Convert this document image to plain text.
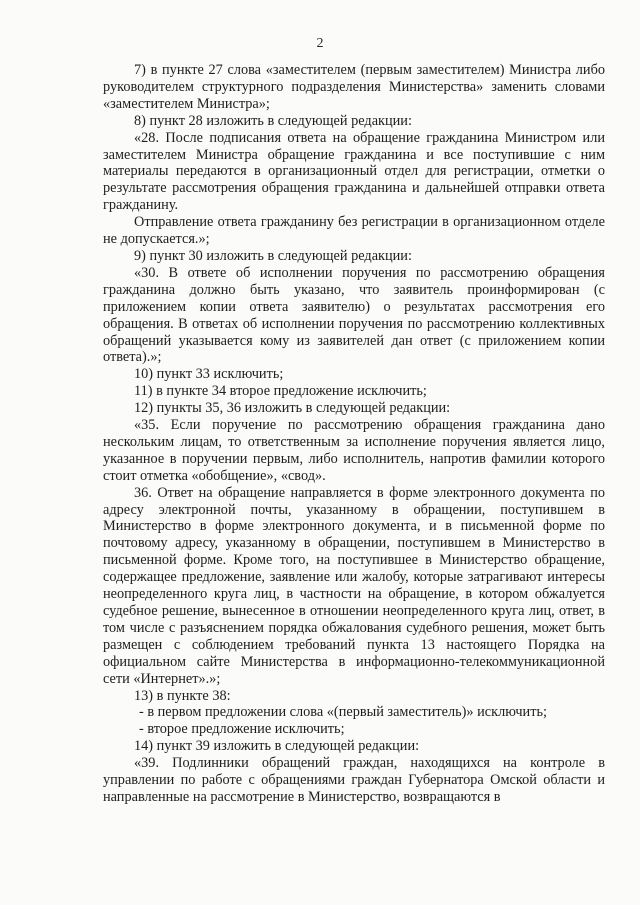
2

7) в пункте 27 слова «заместителем (первым заместителем) Министра либо руководителем структурного подразделения Министерства» заменить словами «заместителем Министра»;

8) пункт 28 изложить в следующей редакции:

«28. После подписания ответа на обращение гражданина Министром или заместителем Министра обращение гражданина и все поступившие с ним материалы передаются в организационный отдел для регистрации, отметки о результате рассмотрения обращения гражданина и дальнейшей отправки ответа гражданину.

Отправление ответа гражданину без регистрации в организационном отделе не допускается.»;

9) пункт 30 изложить в следующей редакции:

«30. В ответе об исполнении поручения по рассмотрению обращения гражданина должно быть указано, что заявитель проинформирован (с приложением копии ответа заявителю) о результатах рассмотрения его обращения. В ответах об исполнении поручения по рассмотрению коллективных обращений указывается кому из заявителей дан ответ (с приложением копии ответа).»;

10) пункт 33 исключить;

11) в пункте 34 второе предложение исключить;

12) пункты 35, 36 изложить в следующей редакции:

«35. Если поручение по рассмотрению обращения гражданина дано нескольким лицам, то ответственным за исполнение поручения является лицо, указанное в поручении первым, либо исполнитель, напротив фамилии которого стоит отметка «обобщение», «свод».

36. Ответ на обращение направляется в форме электронного документа по адресу электронной почты, указанному в обращении, поступившем в Министерство в форме электронного документа, и в письменной форме по почтовому адресу, указанному в обращении, поступившем в Министерство в письменной форме. Кроме того, на поступившее в Министерство обращение, содержащее предложение, заявление или жалобу, которые затрагивают интересы неопределенного круга лиц, в частности на обращение, в котором обжалуется судебное решение, вынесенное в отношении неопределенного круга лиц, ответ, в том числе с разъяснением порядка обжалования судебного решения, может быть размещен с соблюдением требований пункта 13 настоящего Порядка на официальном сайте Министерства в информационно-телекоммуникационной сети «Интернет».»;

13) в пункте 38:

- в первом предложении слова «(первый заместитель)» исключить;

- второе предложение исключить;

14) пункт 39 изложить в следующей редакции:

«39. Подлинники обращений граждан, находящихся на контроле в управлении по работе с обращениями граждан Губернатора Омской области и направленные на рассмотрение в Министерство, возвращаются в
